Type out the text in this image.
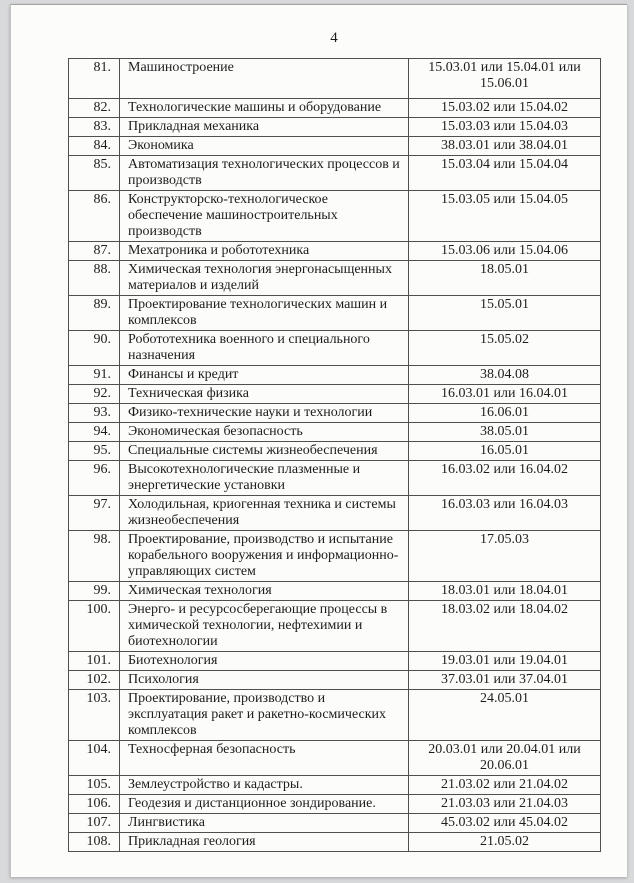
4
81.	Машиностроение	15.03.01 или 15.04.01 или 15.06.01
82.	Технологические машины и оборудование	15.03.02 или 15.04.02
83.	Прикладная механика	15.03.03 или 15.04.03
84.	Экономика	38.03.01 или 38.04.01
85.	Автоматизация технологических процессов и производств	15.03.04 или 15.04.04
86.	Конструкторско-технологическое обеспечение машиностроительных производств	15.03.05 или 15.04.05
87.	Мехатроника и робототехника	15.03.06 или 15.04.06
88.	Химическая технология энергонасыщенных материалов и изделий	18.05.01
89.	Проектирование технологических машин и комплексов	15.05.01
90.	Робототехника военного и специального назначения	15.05.02
91.	Финансы и кредит	38.04.08
92.	Техническая физика	16.03.01 или 16.04.01
93.	Физико-технические науки и технологии	16.06.01
94.	Экономическая безопасность	38.05.01
95.	Специальные системы жизнеобеспечения	16.05.01
96.	Высокотехнологические плазменные и энергетические установки	16.03.02 или 16.04.02
97.	Холодильная, криогенная техника и системы жизнеобеспечения	16.03.03 или 16.04.03
98.	Проектирование, производство и испытание корабельного вооружения и информационно-управляющих систем	17.05.03
99.	Химическая технология	18.03.01 или 18.04.01
100.	Энерго- и ресурсосберегающие процессы в химической технологии, нефтехимии и биотехнологии	18.03.02 или 18.04.02
101.	Биотехнология	19.03.01 или 19.04.01
102.	Психология	37.03.01 или 37.04.01
103.	Проектирование, производство и эксплуатация ракет и ракетно-космических комплексов	24.05.01
104.	Техносферная безопасность	20.03.01 или 20.04.01 или 20.06.01
105.	Землеустройство и кадастры.	21.03.02 или 21.04.02
106.	Геодезия и дистанционное зондирование.	21.03.03 или 21.04.03
107.	Лингвистика	45.03.02 или 45.04.02
108.	Прикладная геология	21.05.02
